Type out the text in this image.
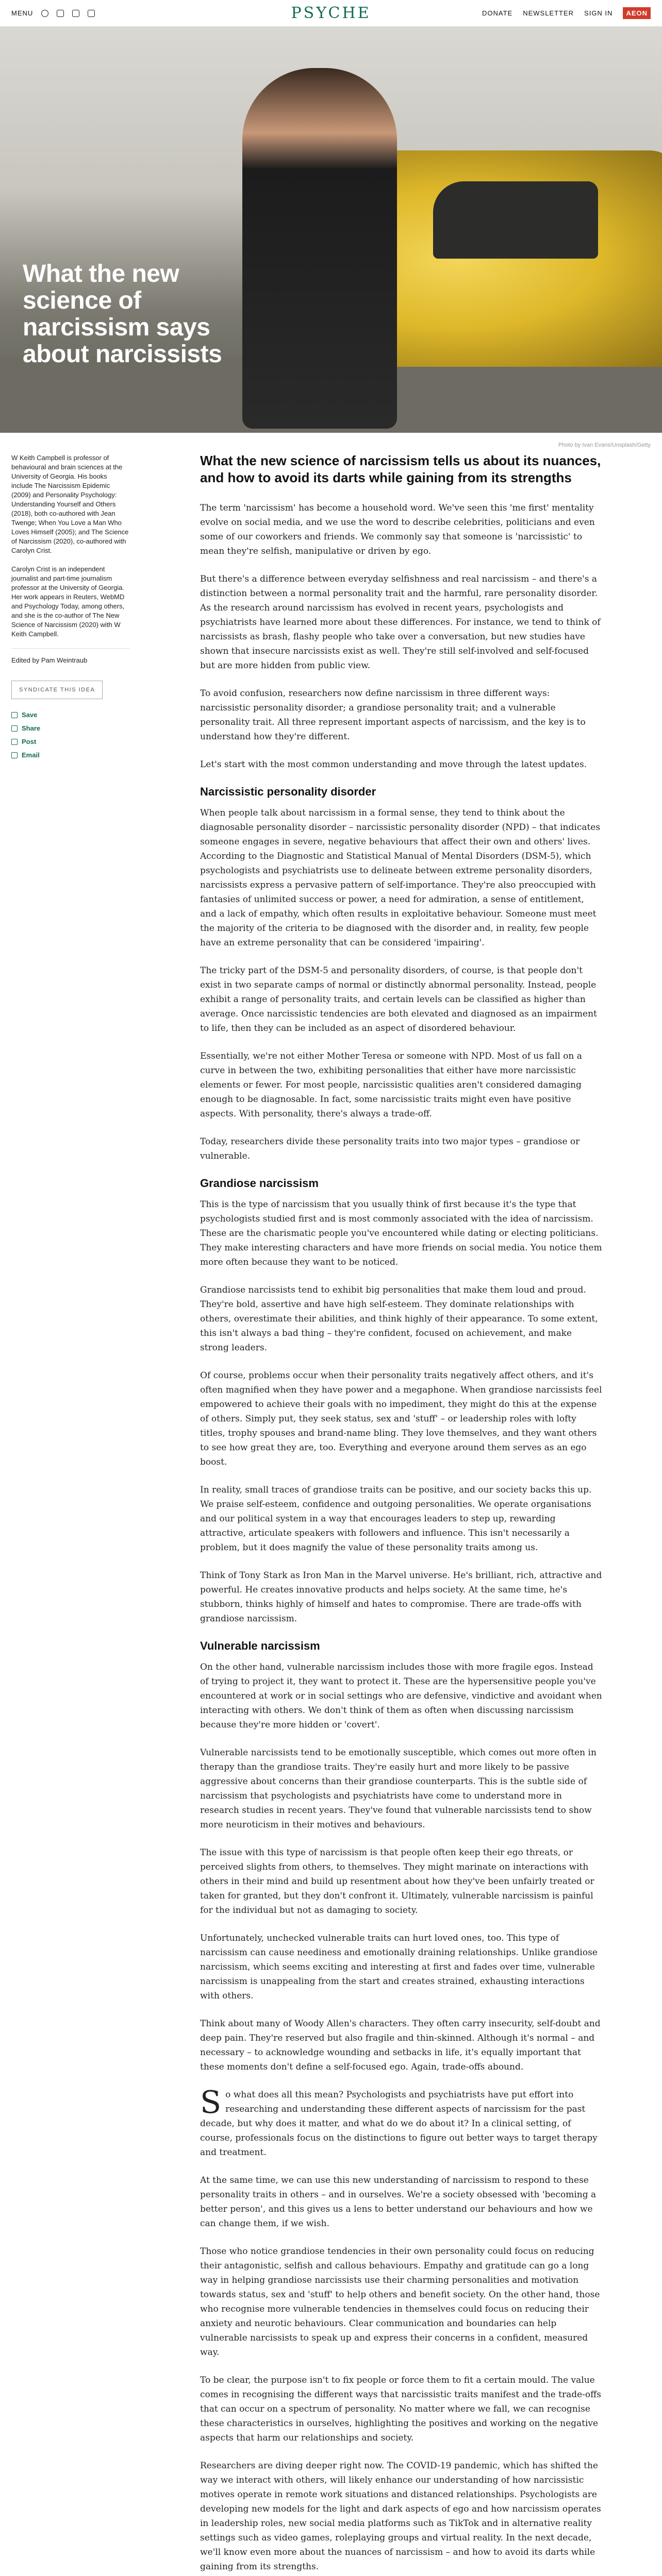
MENU	PSYCHE	DONATE NEWSLETTER SIGN IN	AEON
What the new science of narcissism says about narcissists
Photo by Ivan Evans/Unsplash/Getty

W Keith Campbell is professor of behavioural and brain sciences at the University of Georgia. His books include The Narcissism Epidemic (2009) and Personality Psychology: Understanding Yourself and Others (2018), both co-authored with Jean Twenge; When You Love a Man Who Loves Himself (2005); and The Science of Narcissism (2020), co-authored with Carolyn Crist.

Carolyn Crist is an independent journalist and part-time journalism professor at the University of Georgia. Her work appears in Reuters, WebMD and Psychology Today, among others, and she is the co-author of The New Science of Narcissism (2020) with W Keith Campbell.

Edited by Pam Weintraub

SYNDICATE THIS IDEA
Save
Share
Post
Email
What the new science of narcissism tells us about its nuances, and how to avoid its darts while gaining from its strengths

The term 'narcissism' has become a household word. We've seen this 'me first' mentality evolve on social media, and we use the word to describe celebrities, politicians and even some of our coworkers and friends. We commonly say that someone is 'narcissistic' to mean they're selfish, manipulative or driven by ego.

But there's a difference between everyday selfishness and real narcissism – and there's a distinction between a normal personality trait and the harmful, rare personality disorder. As the research around narcissism has evolved in recent years, psychologists and psychiatrists have learned more about these differences. For instance, we tend to think of narcissists as brash, flashy people who take over a conversation, but new studies have shown that insecure narcissists exist as well. They're still self-involved and self-focused but are more hidden from public view.

To avoid confusion, researchers now define narcissism in three different ways: narcissistic personality disorder; a grandiose personality trait; and a vulnerable personality trait. All three represent important aspects of narcissism, and the key is to understand how they're different.

Let's start with the most common understanding and move through the latest updates.

Narcissistic personality disorder

When people talk about narcissism in a formal sense, they tend to think about the diagnosable personality disorder – narcissistic personality disorder (NPD) – that indicates someone engages in severe, negative behaviours that affect their own and others' lives. According to the Diagnostic and Statistical Manual of Mental Disorders (DSM-5), which psychologists and psychiatrists use to delineate between extreme personality disorders, narcissists express a pervasive pattern of self-importance. They're also preoccupied with fantasies of unlimited success or power, a need for admiration, a sense of entitlement, and a lack of empathy, which often results in exploitative behaviour. Someone must meet the majority of the criteria to be diagnosed with the disorder and, in reality, few people have an extreme personality that can be considered 'impairing'.

The tricky part of the DSM-5 and personality disorders, of course, is that people don't exist in two separate camps of normal or distinctly abnormal personality. Instead, people exhibit a range of personality traits, and certain levels can be classified as higher than average. Once narcissistic tendencies are both elevated and diagnosed as an impairment to life, then they can be included as an aspect of disordered behaviour.

Essentially, we're not either Mother Teresa or someone with NPD. Most of us fall on a curve in between the two, exhibiting personalities that either have more narcissistic elements or fewer. For most people, narcissistic qualities aren't considered damaging enough to be diagnosable. In fact, some narcissistic traits might even have positive aspects. With personality, there's always a trade-off.

Today, researchers divide these personality traits into two major types – grandiose or vulnerable.

Grandiose narcissism

This is the type of narcissism that you usually think of first because it's the type that psychologists studied first and is most commonly associated with the idea of narcissism. These are the charismatic people you've encountered while dating or electing politicians. They make interesting characters and have more friends on social media. You notice them more often because they want to be noticed.

Grandiose narcissists tend to exhibit big personalities that make them loud and proud. They're bold, assertive and have high self-esteem. They dominate relationships with others, overestimate their abilities, and think highly of their appearance. To some extent, this isn't always a bad thing – they're confident, focused on achievement, and make strong leaders.

Of course, problems occur when their personality traits negatively affect others, and it's often magnified when they have power and a megaphone. When grandiose narcissists feel empowered to achieve their goals with no impediment, they might do this at the expense of others. Simply put, they seek status, sex and 'stuff' – or leadership roles with lofty titles, trophy spouses and brand-name bling. They love themselves, and they want others to see how great they are, too. Everything and everyone around them serves as an ego boost.

In reality, small traces of grandiose traits can be positive, and our society backs this up. We praise self-esteem, confidence and outgoing personalities. We operate organisations and our political system in a way that encourages leaders to step up, rewarding attractive, articulate speakers with followers and influence. This isn't necessarily a problem, but it does magnify the value of these personality traits among us.

Think of Tony Stark as Iron Man in the Marvel universe. He's brilliant, rich, attractive and powerful. He creates innovative products and helps society. At the same time, he's stubborn, thinks highly of himself and hates to compromise. There are trade-offs with grandiose narcissism.

Vulnerable narcissism

On the other hand, vulnerable narcissism includes those with more fragile egos. Instead of trying to project it, they want to protect it. These are the hypersensitive people you've encountered at work or in social settings who are defensive, vindictive and avoidant when interacting with others. We don't think of them as often when discussing narcissism because they're more hidden or 'covert'.

Vulnerable narcissists tend to be emotionally susceptible, which comes out more often in therapy than the grandiose traits. They're easily hurt and more likely to be passive aggressive about concerns than their grandiose counterparts. This is the subtle side of narcissism that psychologists and psychiatrists have come to understand more in research studies in recent years. They've found that vulnerable narcissists tend to show more neuroticism in their motives and behaviours.

The issue with this type of narcissism is that people often keep their ego threats, or perceived slights from others, to themselves. They might marinate on interactions with others in their mind and build up resentment about how they've been unfairly treated or taken for granted, but they don't confront it. Ultimately, vulnerable narcissism is painful for the individual but not as damaging to society.

Unfortunately, unchecked vulnerable traits can hurt loved ones, too. This type of narcissism can cause neediness and emotionally draining relationships. Unlike grandiose narcissism, which seems exciting and interesting at first and fades over time, vulnerable narcissism is unappealing from the start and creates strained, exhausting interactions with others.

Think about many of Woody Allen's characters. They often carry insecurity, self-doubt and deep pain. They're reserved but also fragile and thin-skinned. Although it's normal – and necessary – to acknowledge wounding and setbacks in life, it's equally important that these moments don't define a self-focused ego. Again, trade-offs abound.

So what does all this mean? Psychologists and psychiatrists have put effort into researching and understanding these different aspects of narcissism for the past decade, but why does it matter, and what do we do about it? In a clinical setting, of course, professionals focus on the distinctions to figure out better ways to target therapy and treatment.

At the same time, we can use this new understanding of narcissism to respond to these personality traits in others – and in ourselves. We're a society obsessed with 'becoming a better person', and this gives us a lens to better understand our behaviours and how we can change them, if we wish.

Those who notice grandiose tendencies in their own personality could focus on reducing their antagonistic, selfish and callous behaviours. Empathy and gratitude can go a long way in helping grandiose narcissists use their charming personalities and motivation towards status, sex and 'stuff' to help others and benefit society. On the other hand, those who recognise more vulnerable tendencies in themselves could focus on reducing their anxiety and neurotic behaviours. Clear communication and boundaries can help vulnerable narcissists to speak up and express their concerns in a confident, measured way.

To be clear, the purpose isn't to fix people or force them to fit a certain mould. The value comes in recognising the different ways that narcissistic traits manifest and the trade-offs that can occur on a spectrum of personality. No matter where we fall, we can recognise these characteristics in ourselves, highlighting the positives and working on the negative aspects that harm our relationships and society.

Researchers are diving deeper right now. The COVID-19 pandemic, which has shifted the way we interact with others, will likely enhance our understanding of how narcissistic motives operate in remote work situations and distanced relationships. Psychologists are developing new models for the light and dark aspects of ego and how narcissism operates in leadership roles, new social media platforms such as TikTok and in alternative reality settings such as video games, roleplaying groups and virtual reality. In the next decade, we'll know even more about the nuances of narcissism – and how to avoid its darts while gaining from its strengths.
